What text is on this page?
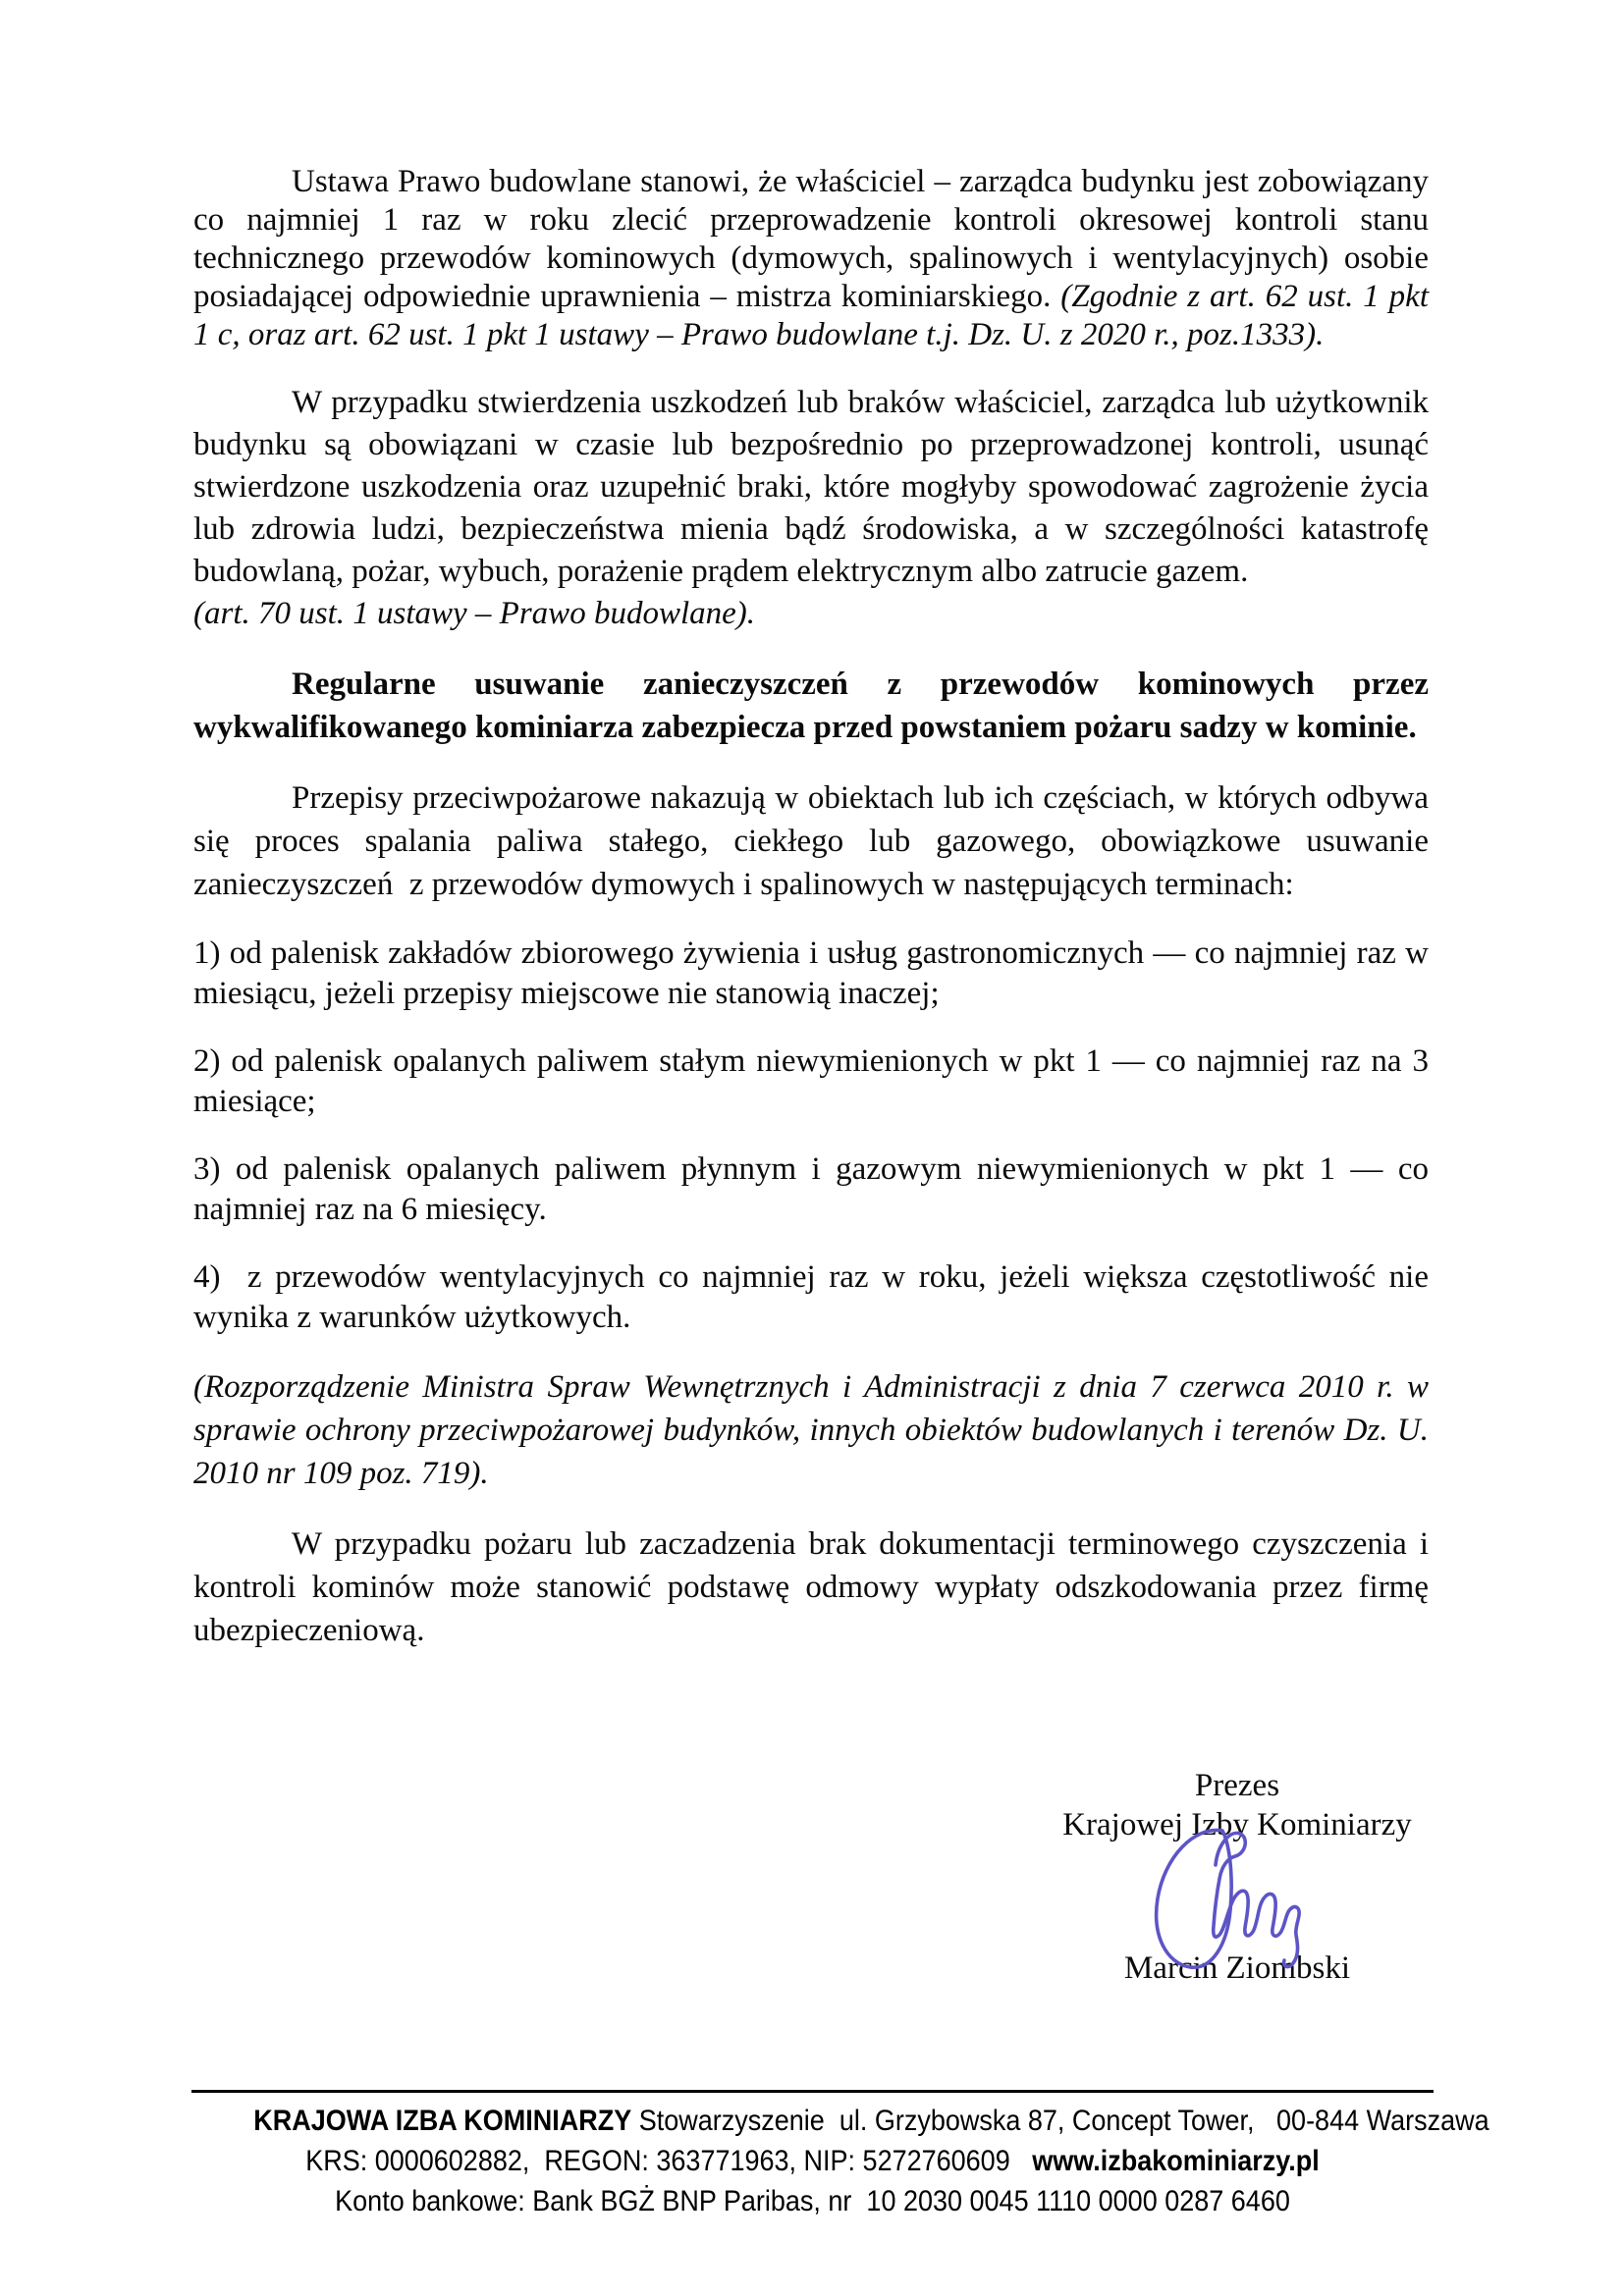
Ustawa Prawo budowlane stanowi, że właściciel – zarządca budynku jest zobowiązany co najmniej 1 raz w roku zlecić przeprowadzenie kontroli okresowej kontroli stanu technicznego przewodów kominowych (dymowych, spalinowych i wentylacyjnych) osobie posiadającej odpowiednie uprawnienia – mistrza kominiarskiego. (Zgodnie z art. 62 ust. 1 pkt 1 c, oraz art. 62 ust. 1 pkt 1 ustawy – Prawo budowlane t.j. Dz. U. z 2020 r., poz.1333).

W przypadku stwierdzenia uszkodzeń lub braków właściciel, zarządca lub użytkownik budynku są obowiązani w czasie lub bezpośrednio po przeprowadzonej kontroli, usunąć stwierdzone uszkodzenia oraz uzupełnić braki, które mogłyby spowodować zagrożenie życia lub zdrowia ludzi, bezpieczeństwa mienia bądź środowiska, a w szczególności katastrofę budowlaną, pożar, wybuch, porażenie prądem elektrycznym albo zatrucie gazem.
(art. 70 ust. 1 ustawy – Prawo budowlane).

Regularne usuwanie zanieczyszczeń z przewodów kominowych przez wykwalifikowanego kominiarza zabezpiecza przed powstaniem pożaru sadzy w kominie.

Przepisy przeciwpożarowe nakazują w obiektach lub ich częściach, w których odbywa się proces spalania paliwa stałego, ciekłego lub gazowego, obowiązkowe usuwanie zanieczyszczeń  z przewodów dymowych i spalinowych w następujących terminach:

1) od palenisk zakładów zbiorowego żywienia i usług gastronomicznych — co najmniej raz w miesiącu, jeżeli przepisy miejscowe nie stanowią inaczej;

2) od palenisk opalanych paliwem stałym niewymienionych w pkt 1 — co najmniej raz na 3 miesiące;

3) od palenisk opalanych paliwem płynnym i gazowym niewymienionych w pkt 1 — co najmniej raz na 6 miesięcy.

4)  z przewodów wentylacyjnych co najmniej raz w roku, jeżeli większa częstotliwość nie wynika z warunków użytkowych.

(Rozporządzenie Ministra Spraw Wewnętrznych i Administracji z dnia 7 czerwca 2010 r. w sprawie ochrony przeciwpożarowej budynków, innych obiektów budowlanych i terenów Dz. U. 2010 nr 109 poz. 719).

W przypadku pożaru lub zaczadzenia brak dokumentacji terminowego czyszczenia i kontroli kominów może stanowić podstawę odmowy wypłaty odszkodowania przez firmę ubezpieczeniową.

Prezes
Krajowej Izby Kominiarzy
Marcin Ziombski
KRAJOWA IZBA KOMINIARZY Stowarzyszenie  ul. Grzybowska 87, Concept Tower,   00-844 Warszawa
KRS: 0000602882,  REGON: 363771963, NIP: 5272760609   www.izbakominiarzy.pl
Konto bankowe: Bank BGŻ BNP Paribas, nr  10 2030 0045 1110 0000 0287 6460
